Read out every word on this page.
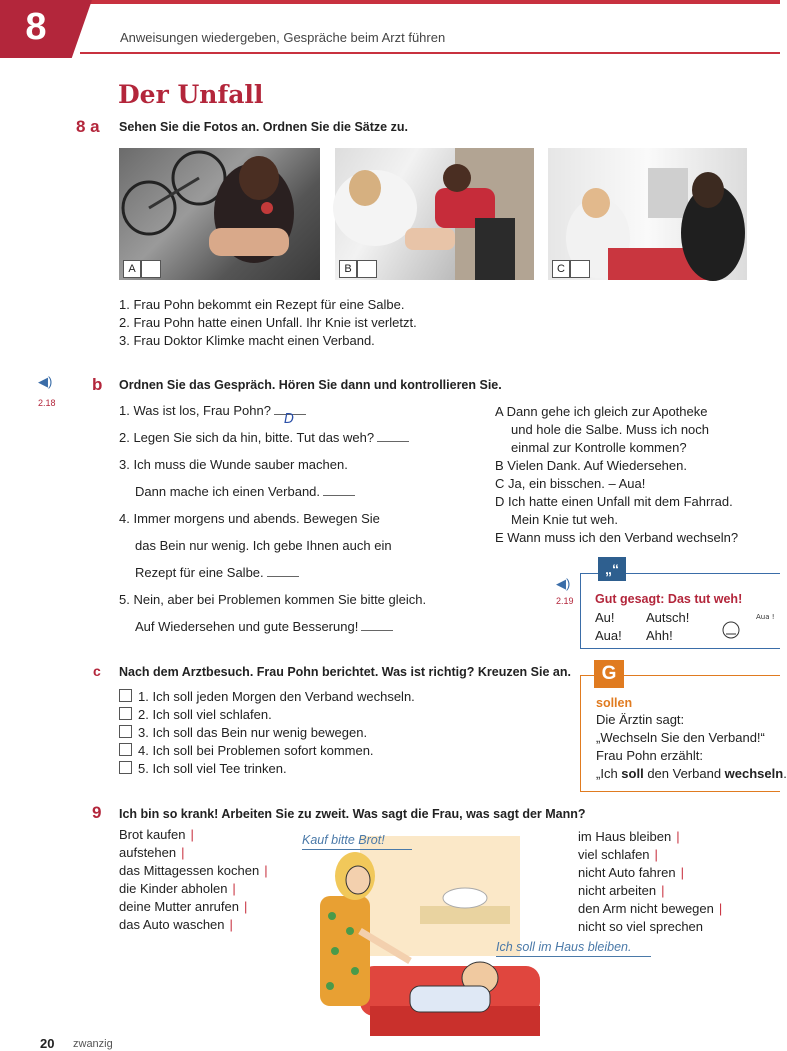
8	Anweisungen wiedergeben, Gespräche beim Arzt führen
Der Unfall
8 a Sehen Sie die Fotos an. Ordnen Sie die Sätze zu.
A	B	C
1. Frau Pohn bekommt ein Rezept für eine Salbe.
2. Frau Pohn hatte einen Unfall. Ihr Knie ist verletzt.
3. Frau Doktor Klimke macht einen Verband.
◀)
2.18
b Ordnen Sie das Gespräch. Hören Sie dann und kontrollieren Sie.
1. Was ist los, Frau Pohn?
D
2. Legen Sie sich da hin, bitte. Tut das weh?
3. Ich muss die Wunde sauber machen.
Dann mache ich einen Verband.
4. Immer morgens und abends. Bewegen Sie
das Bein nur wenig. Ich gebe Ihnen auch ein
Rezept für eine Salbe.
5. Nein, aber bei Problemen kommen Sie bitte gleich.
Auf Wiedersehen und gute Besserung!
A Dann gehe ich gleich zur Apotheke
und hole die Salbe. Muss ich noch
einmal zur Kontrolle kommen?
B Vielen Dank. Auf Wiedersehen.
C Ja, ein bisschen. – Aua!
D Ich hatte einen Unfall mit dem Fahrrad.
Mein Knie tut weh.
E Wann muss ich den Verband wechseln?
◀)
2.19
„“
Gut gesagt: Das tut weh!
Au! Autsch!
Aua! Ahh!
Aua !
c Nach dem Arztbesuch. Frau Pohn berichtet. Was ist richtig? Kreuzen Sie an.
1. Ich soll jeden Morgen den Verband wechseln.
2. Ich soll viel schlafen.
3. Ich soll das Bein nur wenig bewegen.
4. Ich soll bei Problemen sofort kommen.
5. Ich soll viel Tee trinken.
G
sollen
Die Ärztin sagt:
„Wechseln Sie den Verband!“
Frau Pohn erzählt:
„Ich soll den Verband wechseln.
9 Ich bin so krank! Arbeiten Sie zu zweit. Was sagt die Frau, was sagt der Mann?
Brot kaufen |
aufstehen |
das Mittagessen kochen |
die Kinder abholen |
deine Mutter anrufen |
das Auto waschen |
im Haus bleiben |
viel schlafen |
nicht Auto fahren |
nicht arbeiten |
den Arm nicht bewegen |
nicht so viel sprechen
Kauf bitte Brot!
Ich soll im Haus bleiben.
20 zwanzig
